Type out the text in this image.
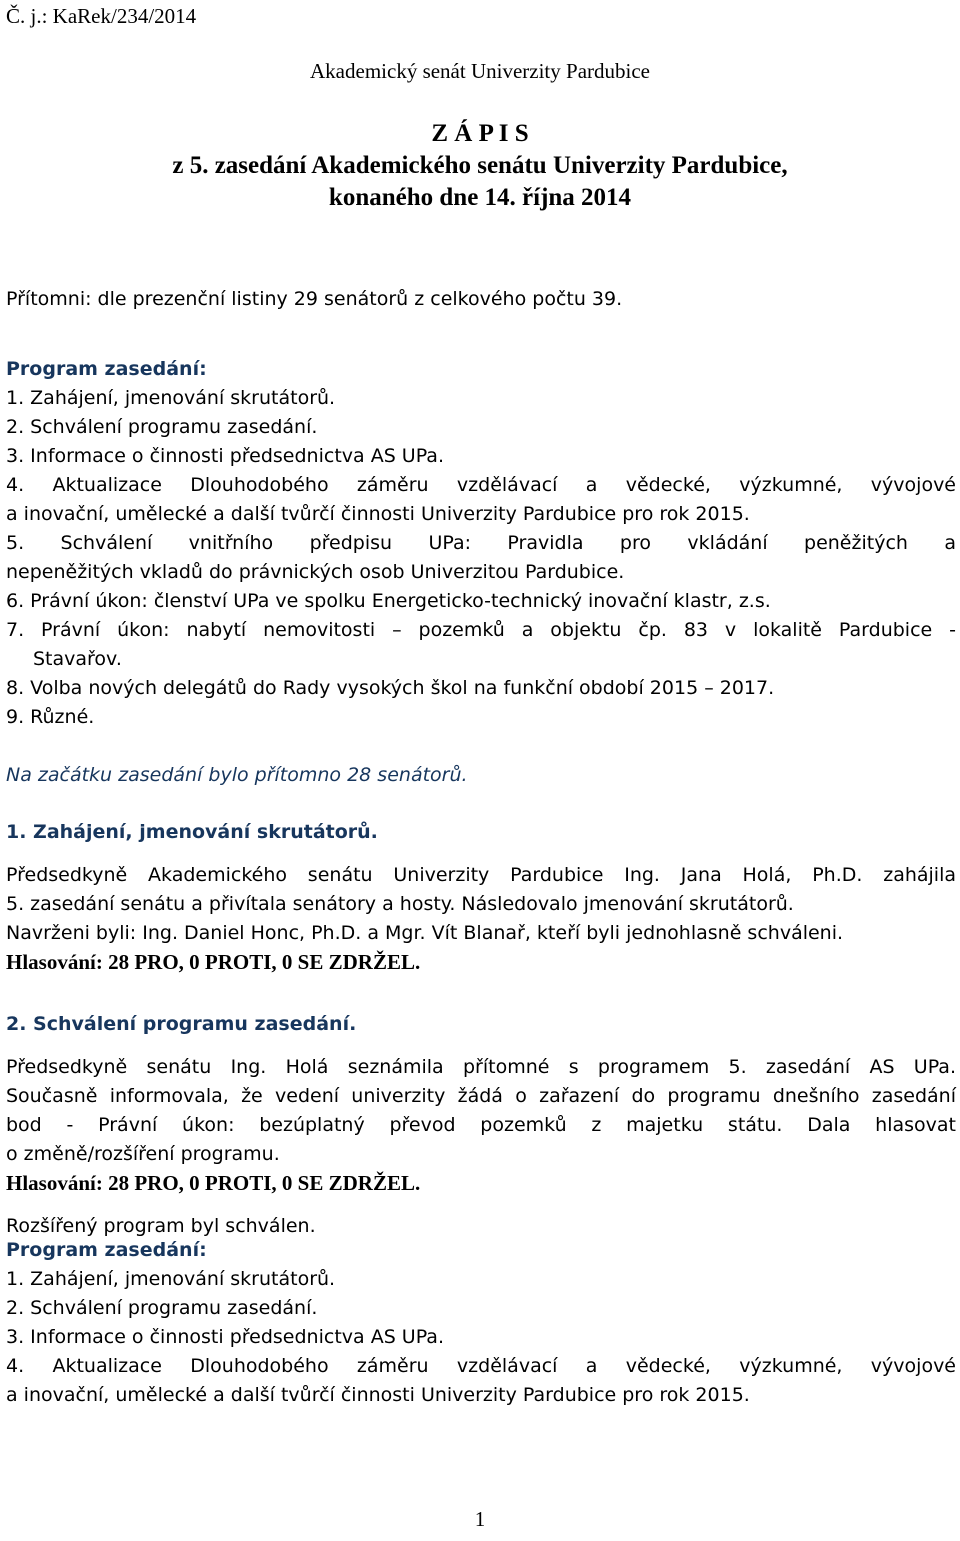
Č. j.: KaRek/234/2014
Akademický senát Univerzity Pardubice
Z Á P I S
z 5. zasedání Akademického senátu Univerzity Pardubice,
konaného dne 14. října 2014
Přítomni: dle prezenční listiny 29 senátorů z celkového počtu 39.
Program zasedání:
1. Zahájení, jmenování skrutátorů.
2. Schválení programu zasedání.
3. Informace o činnosti předsednictva AS UPa.
4. Aktualizace Dlouhodobého záměru vzdělávací a vědecké, výzkumné, vývojové
a inovační, umělecké a další tvůrčí činnosti Univerzity Pardubice pro rok 2015.
5. Schválení vnitřního předpisu UPa: Pravidla pro vkládání peněžitých a
nepeněžitých vkladů do právnických osob Univerzitou Pardubice.
6. Právní úkon: členství UPa ve spolku Energeticko-technický inovační klastr, z.s.
7. Právní úkon: nabytí nemovitosti – pozemků a objektu čp. 83 v lokalitě Pardubice -
Stavařov.
8. Volba nových delegátů do Rady vysokých škol na funkční období 2015 – 2017.
9. Různé.
Na začátku zasedání bylo přítomno 28 senátorů.
1. Zahájení, jmenování skrutátorů.
Předsedkyně Akademického senátu Univerzity Pardubice Ing. Jana Holá, Ph.D. zahájila
5. zasedání senátu a přivítala senátory a hosty. Následovalo jmenování skrutátorů.
Navrženi byli: Ing. Daniel Honc, Ph.D. a Mgr. Vít Blanař, kteří byli jednohlasně schváleni.
Hlasování: 28 PRO, 0 PROTI, 0 SE ZDRŽEL.
2. Schválení programu zasedání.
Předsedkyně senátu Ing. Holá seznámila přítomné s programem 5. zasedání AS UPa.
Současně informovala, že vedení univerzity žádá o zařazení do programu dnešního zasedání
bod - Právní úkon: bezúplatný převod pozemků z majetku státu. Dala hlasovat
o změně/rozšíření programu.
Hlasování: 28 PRO, 0 PROTI, 0 SE ZDRŽEL.
Rozšířený program byl schválen.
Program zasedání:
1. Zahájení, jmenování skrutátorů.
2. Schválení programu zasedání.
3. Informace o činnosti předsednictva AS UPa.
4. Aktualizace Dlouhodobého záměru vzdělávací a vědecké, výzkumné, vývojové
a inovační, umělecké a další tvůrčí činnosti Univerzity Pardubice pro rok 2015.
1
